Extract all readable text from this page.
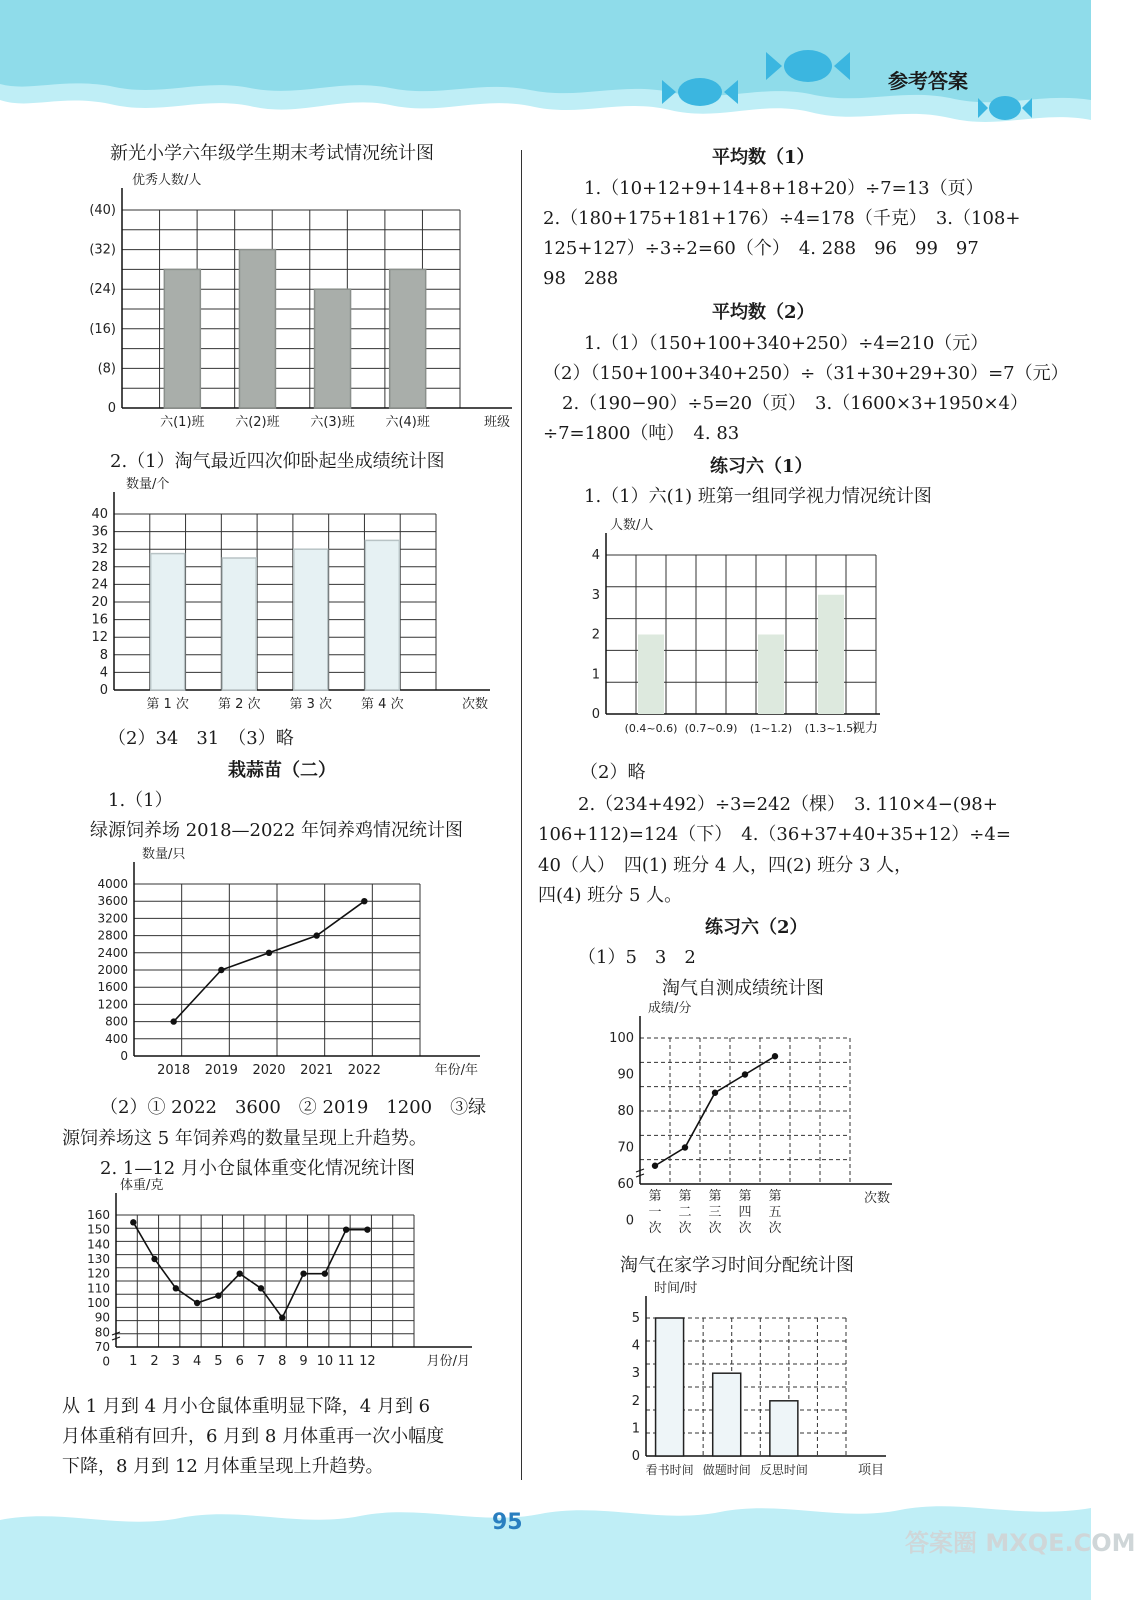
参考答案
新光小学六年级学生期末考试情况统计图
优秀人数/人
班级
0
(8)
(16)
(24)
(32)
(40)
六(1)班 六(2)班 六(3)班 六(4)班
2.（1）淘气最近四次仰卧起坐成绩统计图
数量/个
次数
0
4
8
12
16
20
24
28
32
36
40
第 1 次 第 2 次 第 3 次 第 4 次
（2）34　31　（3）略
栽蒜苗（二）
1.（1）
绿源饲养场 2018—2022 年饲养鸡情况统计图
数量/只
年份/年
0
400
800
1200
1600
2000
2400
2800
3200
3600
4000
2018 2019 2020 2021 2022
（2）① 2022　3600　② 2019　1200　③绿
源饲养场这 5 年饲养鸡的数量呈现上升趋势。
2. 1—12 月小仓鼠体重变化情况统计图
体重/克
月份/月
0
70
80
90
100
110
120
130
140
150
160
1 2 3 4 5 6 7 8 9 10 11 12
从 1 月到 4 月小仓鼠体重明显下降，4 月到 6
月体重稍有回升，6 月到 8 月体重再一次小幅度
下降，8 月到 12 月体重呈现上升趋势。
平均数（1）
1.（10+12+9+14+8+18+20）÷7=13（页）
2.（180+175+181+176）÷4=178（千克）　3.（108+
125+127）÷3÷2=60（个）　4. 288　96　99　97
98　288
平均数（2）
1.（1）（150+100+340+250）÷4=210（元）
（2）（150+100+340+250）÷（31+30+29+30）=7（元）
2.（190−90）÷5=20（页）　3.（1600×3+1950×4）
÷7=1800（吨）　4. 83
练习六（1）
1.（1）六(1) 班第一组同学视力情况统计图
人数/人
视力
0
1
2
3
4
(0.4~0.6) (0.7~0.9) (1~1.2) (1.3~1.5)
（2）略
2.（234+492）÷3=242（棵）　3. 110×4−(98+
106+112)=124（下）　4.（36+37+40+35+12）÷4=
40（人）　四(1) 班分 4 人，四(2) 班分 3 人，
四(4) 班分 5 人。
练习六（2）
（1）5　3　2
淘气自测成绩统计图
成绩/分
次数
0
60
70
80
90
100
第
一
次
第
二
次
第
三
次
第
四
次
第
五
次
淘气在家学习时间分配统计图
时间/时
项目
0
1
2
3
4
5
看书时间 做题时间 反思时间
95
答案圈 MXQE.COM
